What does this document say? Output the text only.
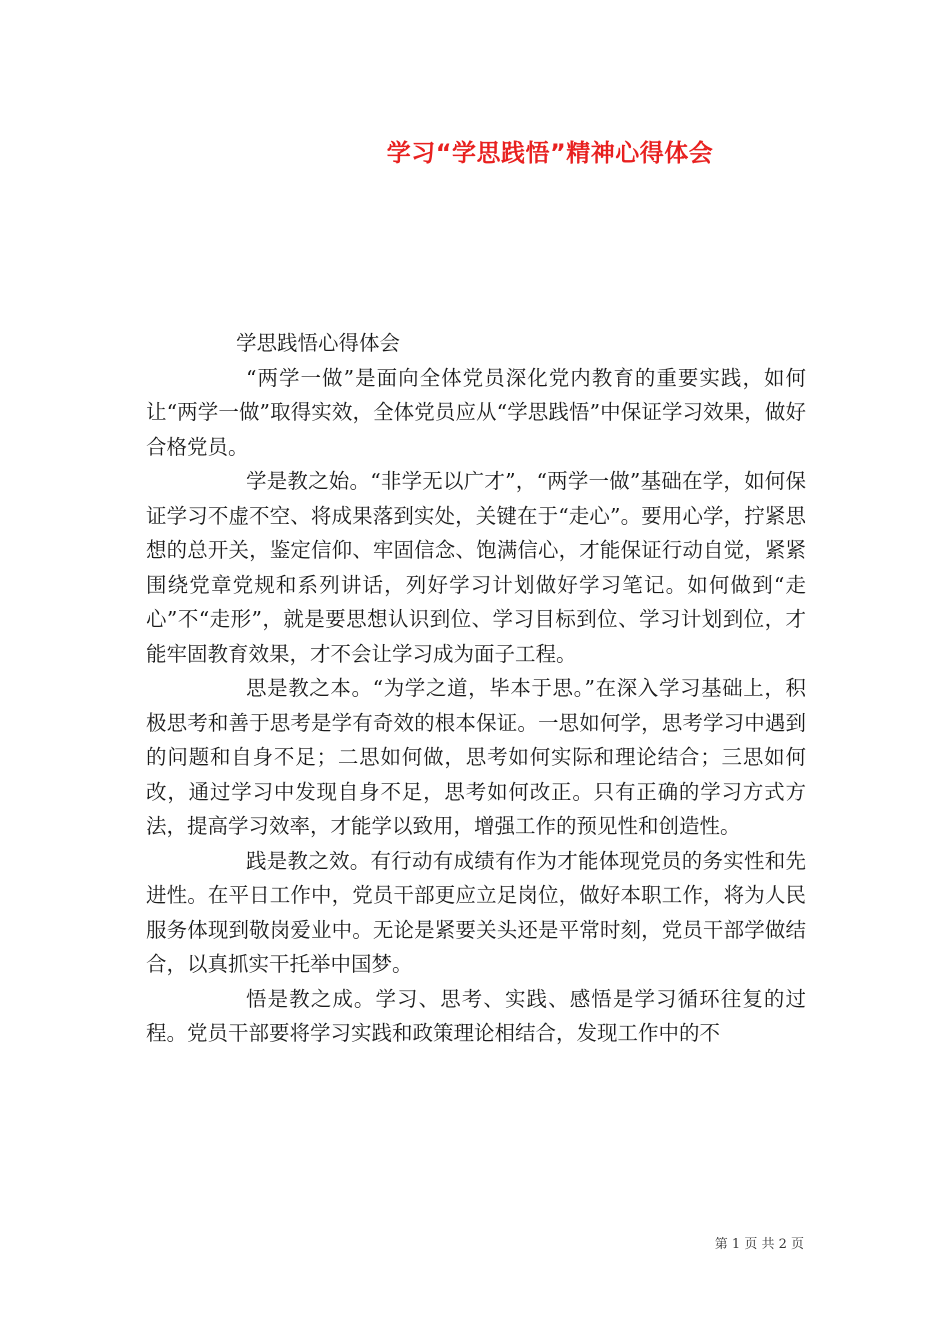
学习“学思践悟”精神心得体会

学思践悟心得体会

“两学一做”是面向全体党员深化党内教育的重要实践，如何让“两学一做”取得实效，全体党员应从“学思践悟”中保证学习效果，做好合格党员。

学是教之始。“非学无以广才”，“两学一做”基础在学，如何保证学习不虚不空、将成果落到实处，关键在于“走心”。要用心学，拧紧思想的总开关，鉴定信仰、牢固信念、饱满信心，才能保证行动自觉，紧紧围绕党章党规和系列讲话，列好学习计划做好学习笔记。如何做到“走心”不“走形”，就是要思想认识到位、学习目标到位、学习计划到位，才能牢固教育效果，才不会让学习成为面子工程。

思是教之本。“为学之道，毕本于思。”在深入学习基础上，积极思考和善于思考是学有奇效的根本保证。一思如何学，思考学习中遇到的问题和自身不足；二思如何做，思考如何实际和理论结合；三思如何改，通过学习中发现自身不足，思考如何改正。只有正确的学习方式方法，提高学习效率，才能学以致用，增强工作的预见性和创造性。

践是教之效。有行动有成绩有作为才能体现党员的务实性和先进性。在平日工作中，党员干部更应立足岗位，做好本职工作，将为人民服务体现到敬岗爱业中。无论是紧要关头还是平常时刻，党员干部学做结合，以真抓实干托举中国梦。

悟是教之成。学习、思考、实践、感悟是学习循环往复的过程。党员干部要将学习实践和政策理论相结合，发现工作中的不

第 1 页 共 2 页
